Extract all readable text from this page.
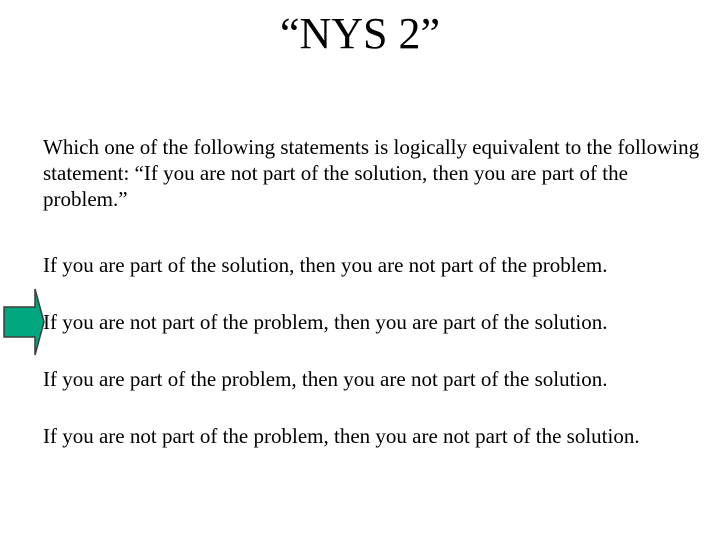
“NYS 2”
Which one of the following statements is logically equivalent to the following statement: “If you are not part of the solution, then you are part of the problem.”
If you are part of the solution, then you are not part of the problem.
If you are not part of the problem, then you are part of the solution.
If you are part of the problem, then you are not part of the solution.
If you are not part of the problem, then you are not part of the solution.
